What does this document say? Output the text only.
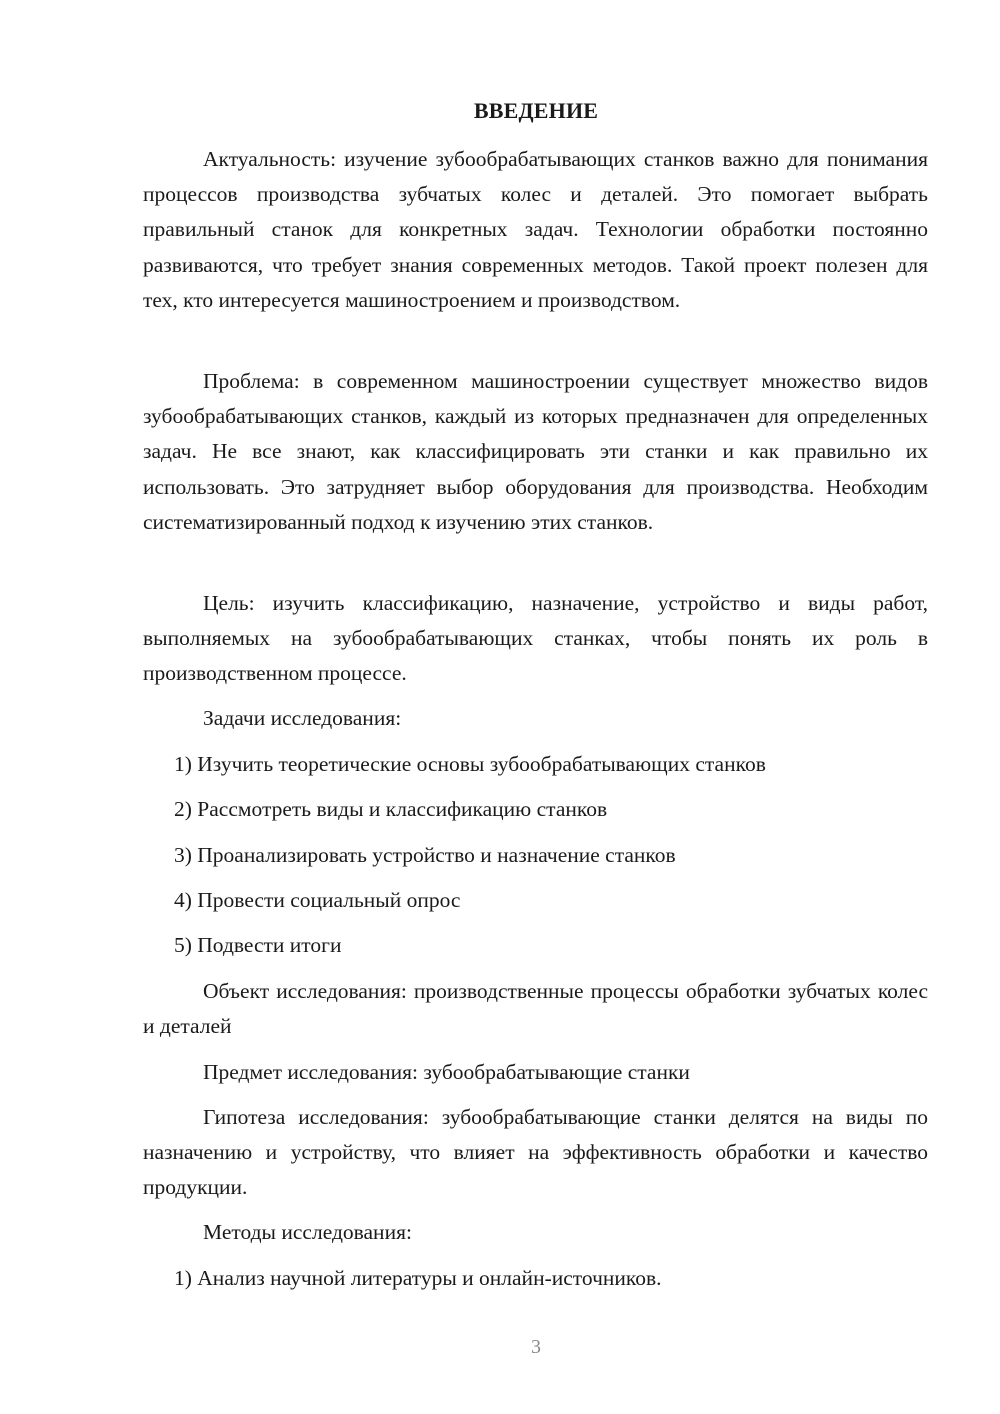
ВВЕДЕНИЕ

Актуальность: изучение зубообрабатывающих станков важно для понимания процессов производства зубчатых колес и деталей. Это помогает выбрать правильный станок для конкретных задач. Технологии обработки постоянно развиваются, что требует знания современных методов. Такой проект полезен для тех, кто интересуется машиностроением и производством.

Проблема: в современном машиностроении существует множество видов зубообрабатывающих станков, каждый из которых предназначен для определенных задач. Не все знают, как классифицировать эти станки и как правильно их использовать. Это затрудняет выбор оборудования для производства. Необходим систематизированный подход к изучению этих станков.

Цель: изучить классификацию, назначение, устройство и виды работ, выполняемых на зубообрабатывающих станках, чтобы понять их роль в производственном процессе.

Задачи исследования:

1) Изучить теоретические основы зубообрабатывающих станков

2) Рассмотреть виды и классификацию станков

3) Проанализировать устройство и назначение станков

4) Провести социальный опрос

5) Подвести итоги

Объект исследования: производственные процессы обработки зубчатых колес и деталей

Предмет исследования: зубообрабатывающие станки

Гипотеза исследования: зубообрабатывающие станки делятся на виды по назначению и устройству, что влияет на эффективность обработки и качество продукции.

Методы исследования:

1) Анализ научной литературы и онлайн-источников.

3
